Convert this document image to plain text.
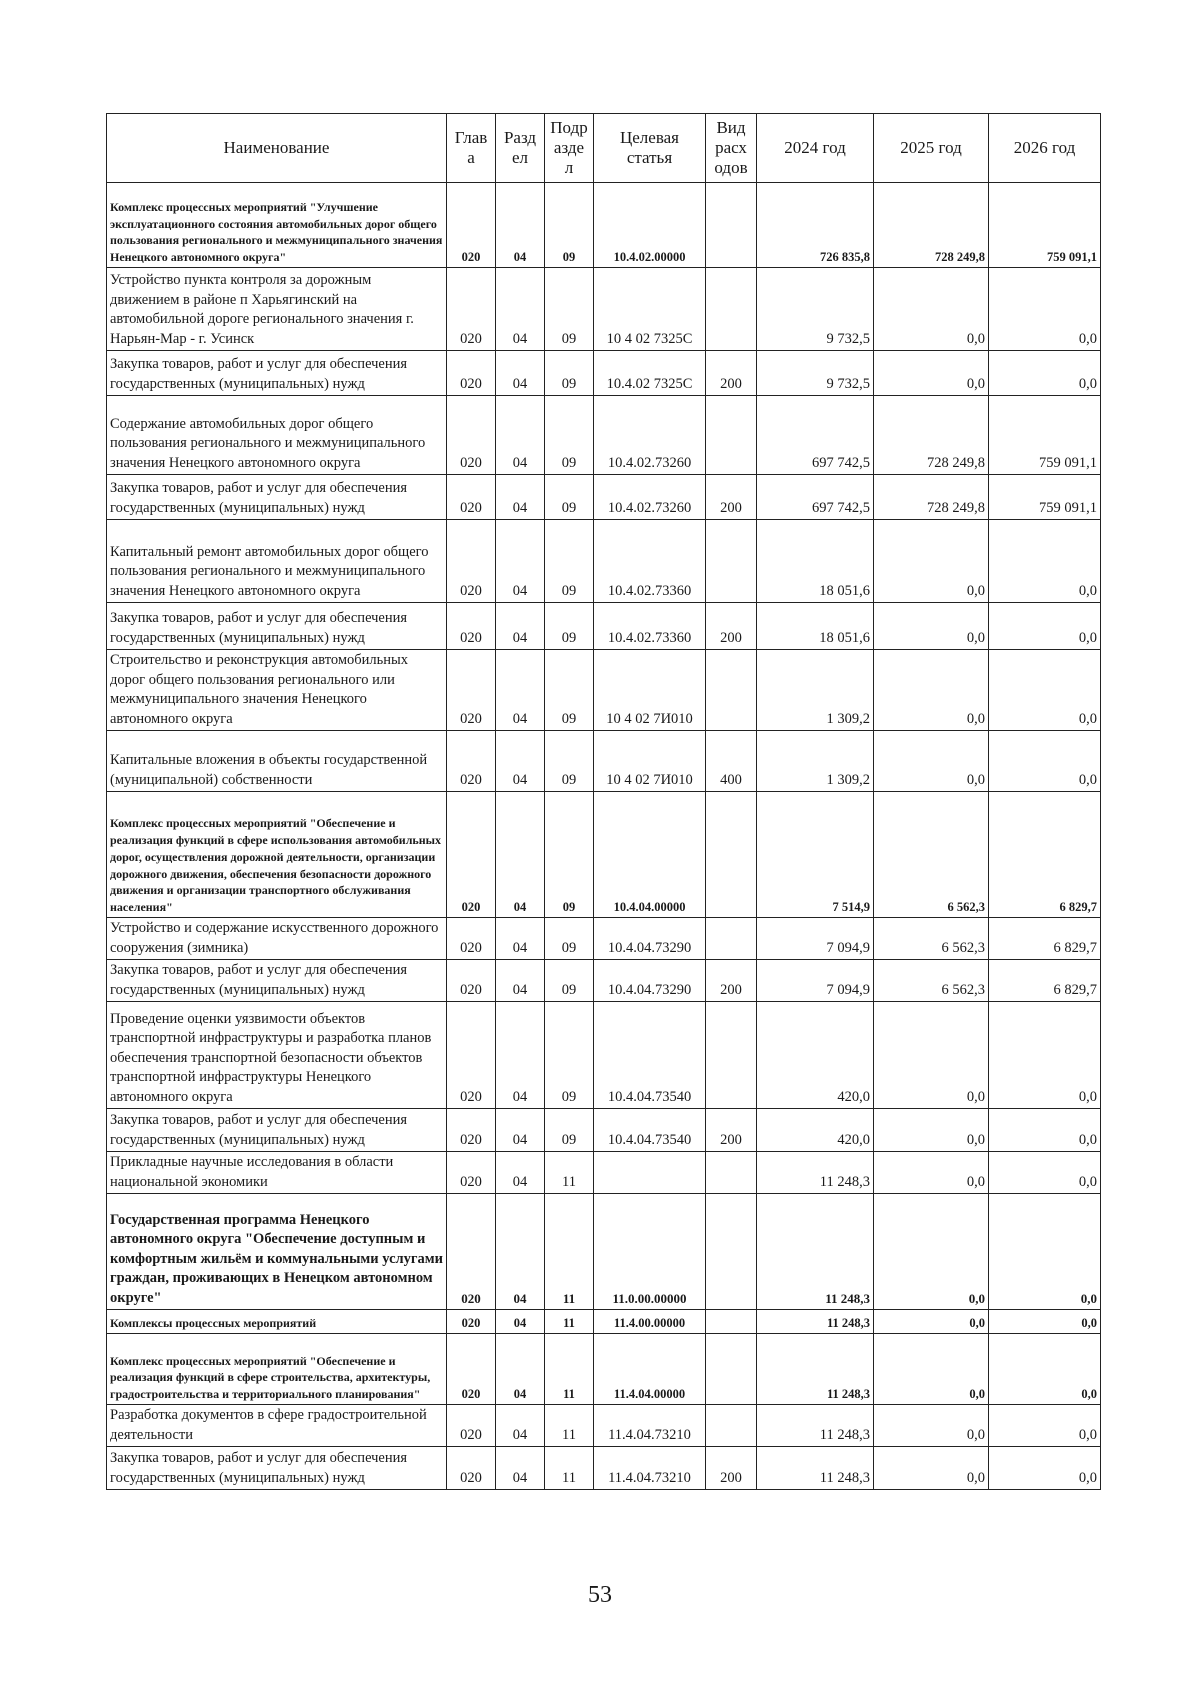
Наименование	Глав а	Разд ел	Подр азде л	Целевая статья	Вид расх одов	2024 год	2025 год	2026 год
Комплекс процессных мероприятий "Улучшение эксплуатационного состояния автомобильных дорог общего пользования регионального и межмуниципального значения Ненецкого автономного округа"	020	04	09	10.4.02.00000		726 835,8	728 249,8	759 091,1
Устройство пункта контроля за дорожным движением в районе п Харьягинский на автомобильной дороге регионального значения г. Нарьян-Мар - г. Усинск	020	04	09	10 4 02 7325С		9 732,5	0,0	0,0
Закупка товаров, работ и услуг для обеспечения государственных (муниципальных) нужд	020	04	09	10.4.02 7325С	200	9 732,5	0,0	0,0
Содержание автомобильных дорог общего пользования регионального и межмуниципального значения Ненецкого автономного округа	020	04	09	10.4.02.73260		697 742,5	728 249,8	759 091,1
Закупка товаров, работ и услуг для обеспечения государственных (муниципальных) нужд	020	04	09	10.4.02.73260	200	697 742,5	728 249,8	759 091,1
Капитальный ремонт автомобильных дорог общего пользования регионального и межмуниципального значения Ненецкого автономного округа	020	04	09	10.4.02.73360		18 051,6	0,0	0,0
Закупка товаров, работ и услуг для обеспечения государственных (муниципальных) нужд	020	04	09	10.4.02.73360	200	18 051,6	0,0	0,0
Строительство и реконструкция автомобильных дорог общего пользования регионального или межмуниципального значения Ненецкого автономного округа	020	04	09	10 4 02 7И010		1 309,2	0,0	0,0
Капитальные вложения в объекты государственной (муниципальной) собственности	020	04	09	10 4 02 7И010	400	1 309,2	0,0	0,0
Комплекс процессных мероприятий "Обеспечение и реализация функций в сфере использования автомобильных дорог, осуществления дорожной деятельности, организации дорожного движения, обеспечения безопасности дорожного движения и организации транспортного обслуживания населения"	020	04	09	10.4.04.00000		7 514,9	6 562,3	6 829,7
Устройство и содержание искусственного дорожного сооружения (зимника)	020	04	09	10.4.04.73290		7 094,9	6 562,3	6 829,7
Закупка товаров, работ и услуг для обеспечения государственных (муниципальных) нужд	020	04	09	10.4.04.73290	200	7 094,9	6 562,3	6 829,7
Проведение оценки уязвимости объектов транспортной инфраструктуры и разработка планов обеспечения транспортной безопасности объектов транспортной инфраструктуры Ненецкого автономного округа	020	04	09	10.4.04.73540		420,0	0,0	0,0
Закупка товаров, работ и услуг для обеспечения государственных (муниципальных) нужд	020	04	09	10.4.04.73540	200	420,0	0,0	0,0
Прикладные научные исследования в области национальной экономики	020	04	11			11 248,3	0,0	0,0
Государственная программа Ненецкого автономного округа "Обеспечение доступным и комфортным жильём и коммунальными услугами граждан, проживающих в Ненецком автономном округе"	020	04	11	11.0.00.00000		11 248,3	0,0	0,0
Комплексы процессных мероприятий	020	04	11	11.4.00.00000		11 248,3	0,0	0,0
Комплекс процессных мероприятий "Обеспечение и реализация функций в сфере строительства, архитектуры, градостроительства и территориального планирования"	020	04	11	11.4.04.00000		11 248,3	0,0	0,0
Разработка документов в сфере градостроительной деятельности	020	04	11	11.4.04.73210		11 248,3	0,0	0,0
Закупка товаров, работ и услуг для обеспечения государственных (муниципальных) нужд	020	04	11	11.4.04.73210	200	11 248,3	0,0	0,0
53
